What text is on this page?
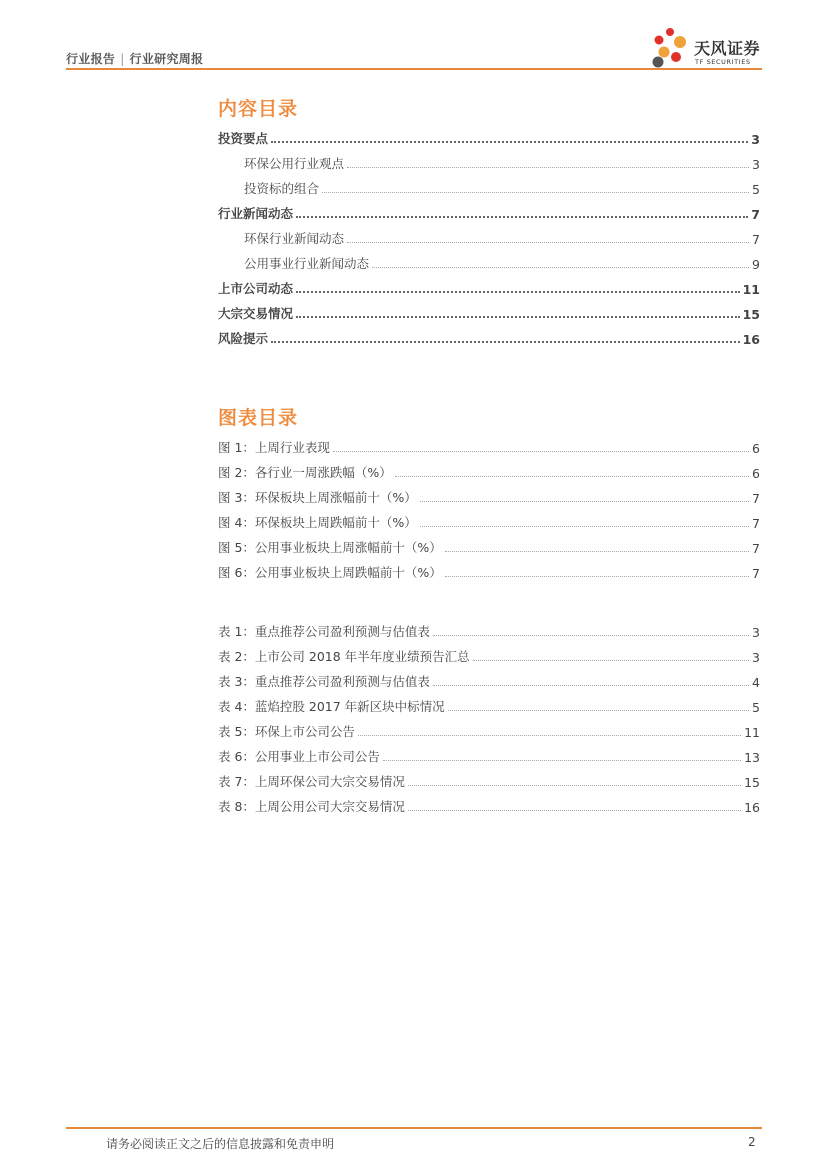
行业报告 | 行业研究周报
天风证券
TF SECURITIES
内容目录
投资要点	3
环保公用行业观点	3
投资标的组合	5
行业新闻动态	7
环保行业新闻动态	7
公用事业行业新闻动态	9
上市公司动态	11
大宗交易情况	15
风险提示	16
图表目录
图 1：上周行业表现	6
图 2：各行业一周涨跌幅（%）	6
图 3：环保板块上周涨幅前十（%）	7
图 4：环保板块上周跌幅前十（%）	7
图 5：公用事业板块上周涨幅前十（%）	7
图 6：公用事业板块上周跌幅前十（%）	7
表 1：重点推荐公司盈利预测与估值表	3
表 2：上市公司 2018 年半年度业绩预告汇总	3
表 3：重点推荐公司盈利预测与估值表	4
表 4：蓝焰控股 2017 年新区块中标情况	5
表 5：环保上市公司公告	11
表 6：公用事业上市公司公告	13
表 7：上周环保公司大宗交易情况	15
表 8：上周公用公司大宗交易情况	16
请务必阅读正文之后的信息披露和免责申明	2
